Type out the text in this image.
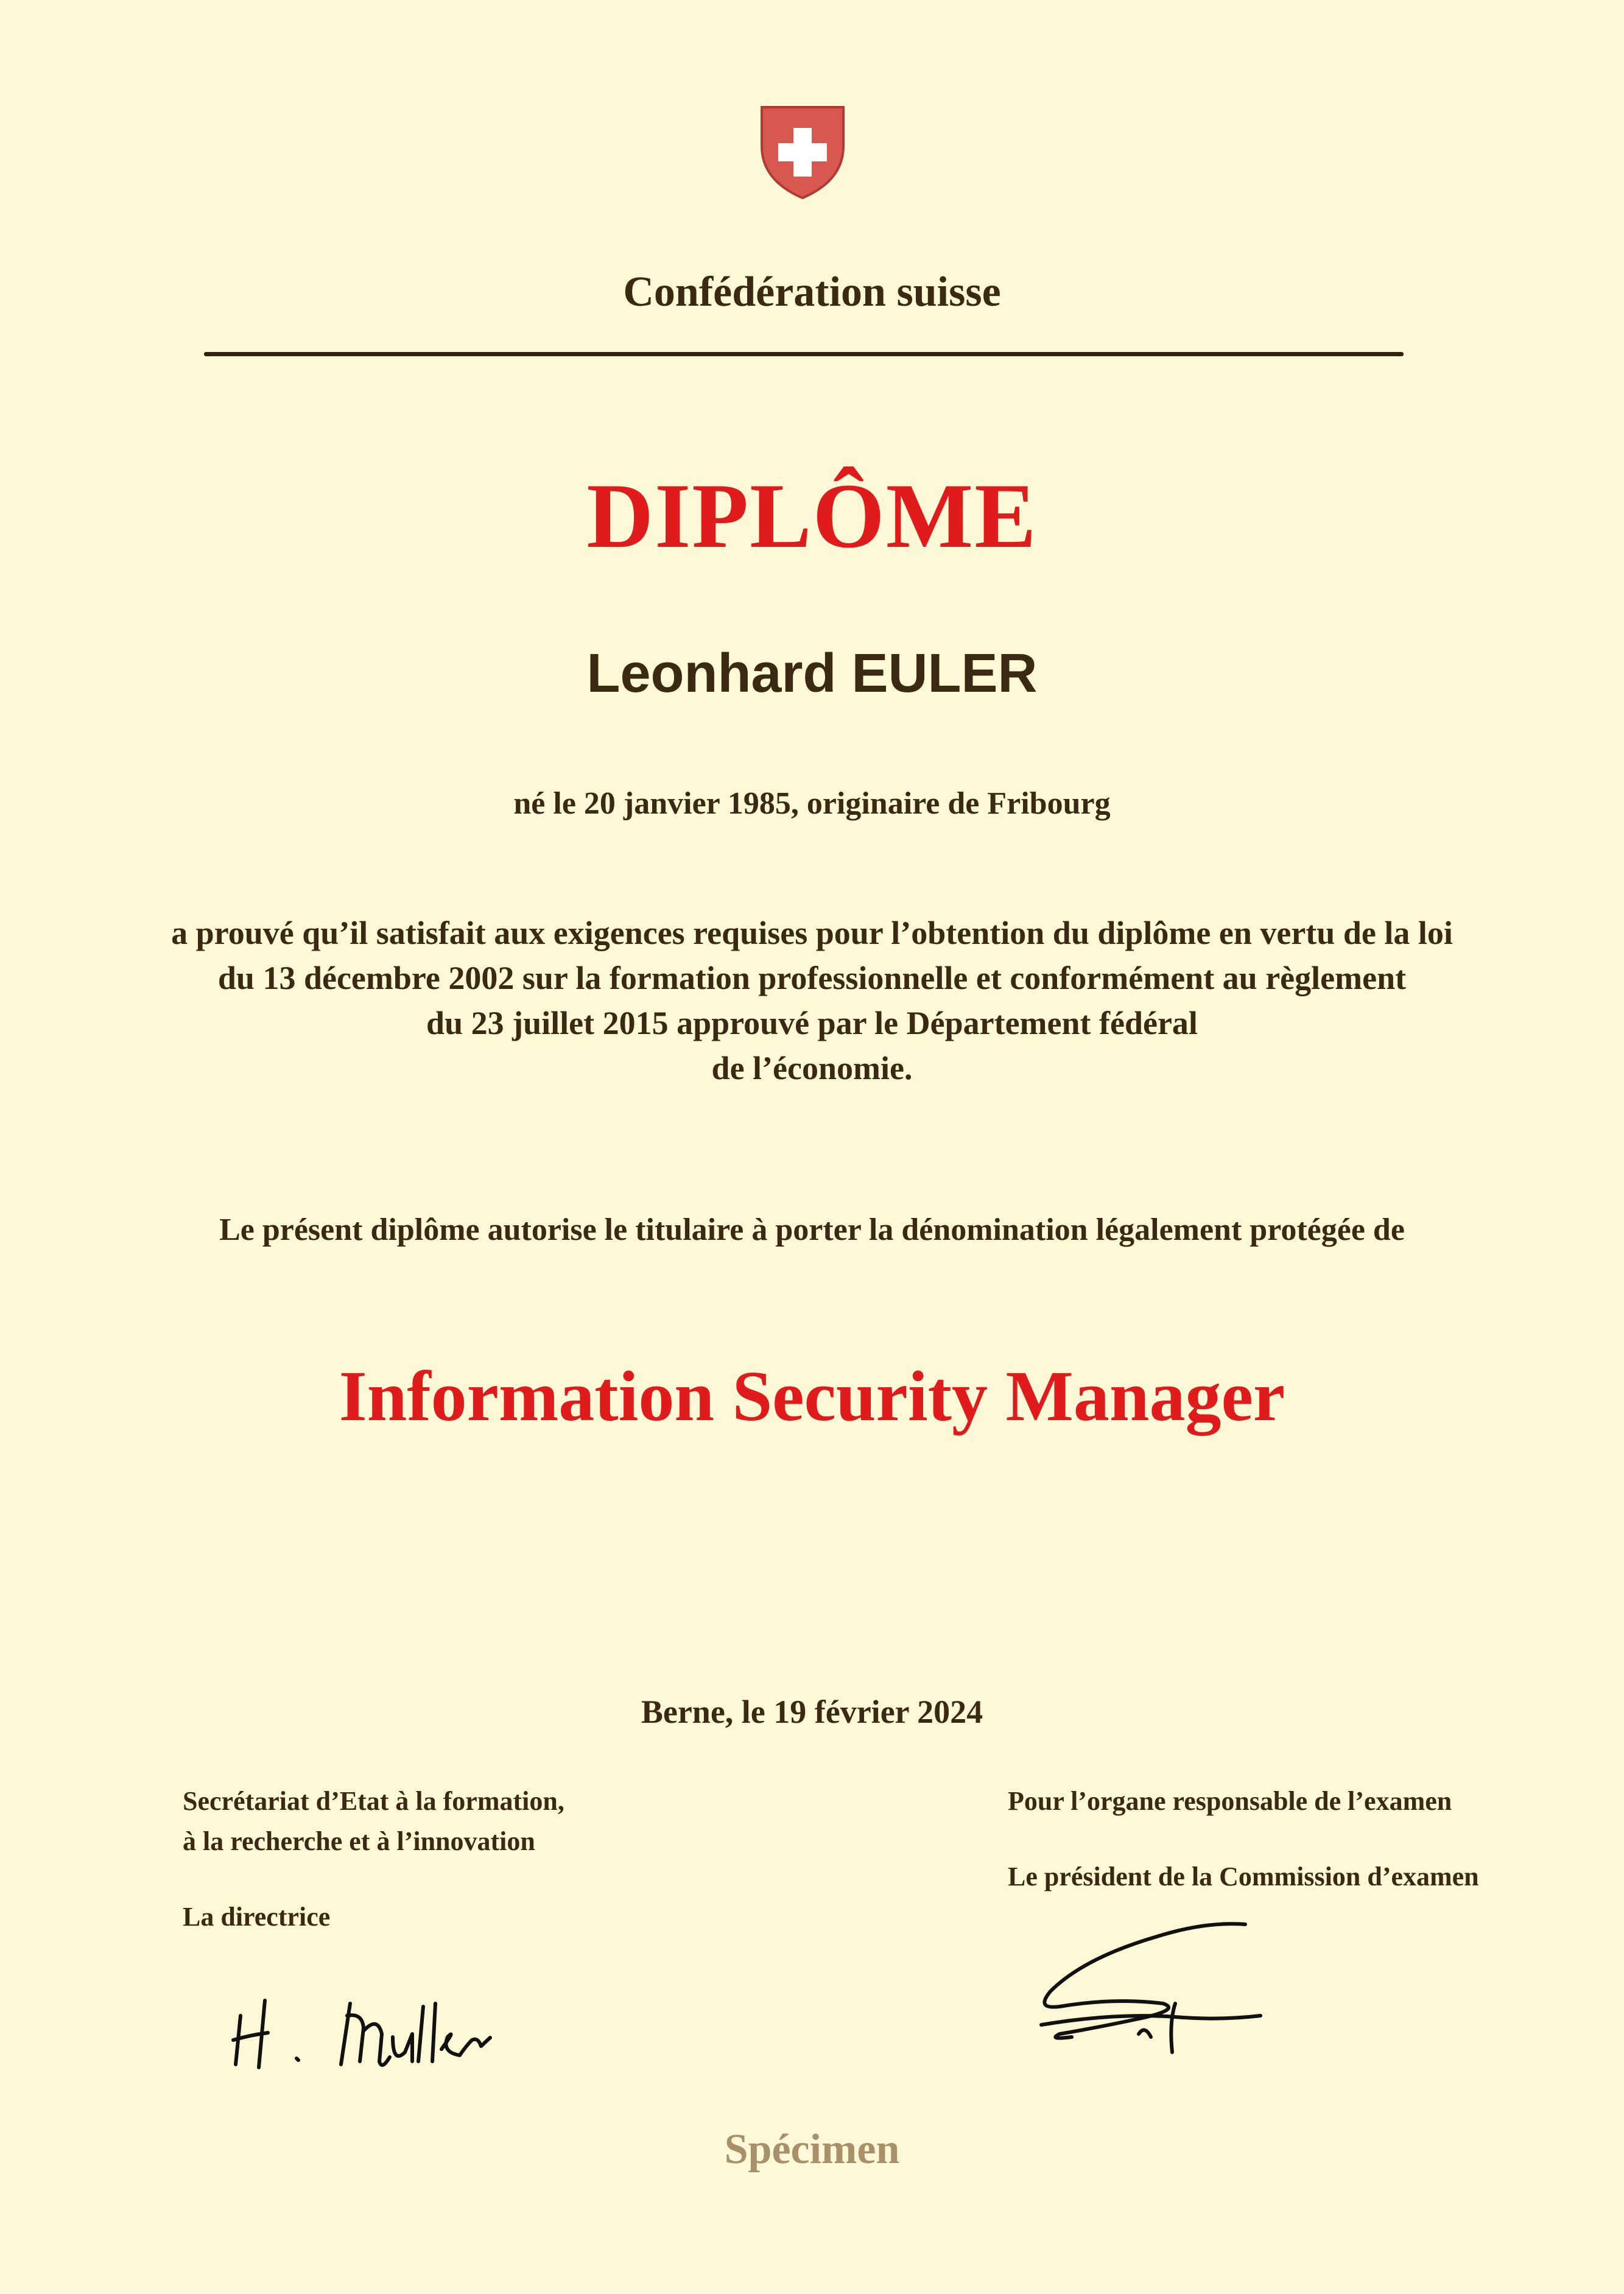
Confédération suisse
DIPLÔME
Leonhard EULER
né le 20 janvier 1985, originaire de Fribourg
a prouvé qu’il satisfait aux exigences requises pour l’obtention du diplôme en vertu de la loi
du 13 décembre 2002 sur la formation professionnelle et conformément au règlement
du 23 juillet 2015 approuvé par le Département fédéral
de l’économie.
Le présent diplôme autorise le titulaire à porter la dénomination légalement protégée de
Information Security Manager
Berne, le 19 février 2024
Secrétariat d’Etat à la formation,
à la recherche et à l’innovation
La directrice
Pour l’organe responsable de l’examen
Le président de la Commission d’examen
Spécimen
